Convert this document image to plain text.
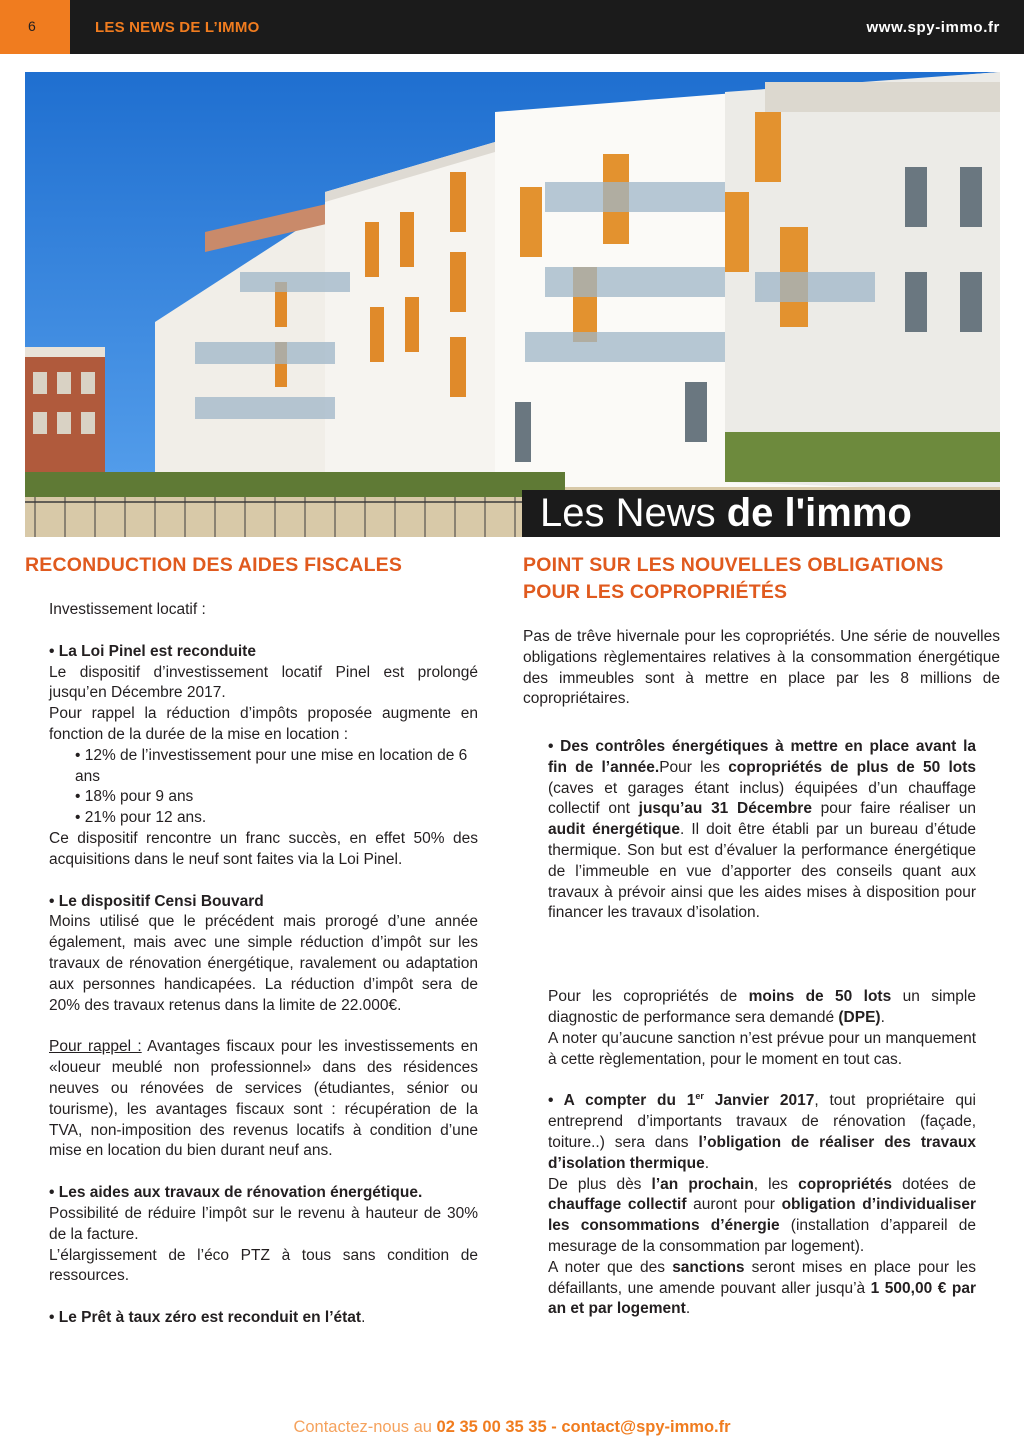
6	LES NEWS DE L’IMMO	www.spy-immo.fr
Les News de l'immo
RECONDUCTION DES AIDES FISCALES

Investissement locatif :

• La Loi Pinel est reconduite

Le dispositif d’investissement locatif Pinel est prolongé jusqu’en Décembre 2017.

Pour rappel la réduction d’impôts proposée augmente en fonction de la durée de la mise en location :

• 12% de l’investissement pour une mise en location de 6 ans

• 18% pour 9 ans

• 21% pour 12 ans.

Ce dispositif rencontre un franc succès, en effet 50% des acquisitions dans le neuf sont faites via la Loi Pinel.

• Le dispositif Censi Bouvard

Moins utilisé que le précédent mais prorogé d’une année également, mais avec une simple réduction d’impôt sur les travaux de rénovation énergétique, ravalement ou adaptation aux personnes handicapées. La réduction d’impôt sera de 20% des travaux retenus dans la limite de 22.000€.

Pour rappel : Avantages fiscaux pour les investissements en «loueur meublé non professionnel» dans des résidences neuves ou rénovées de services (étudiantes, sénior ou tourisme), les avantages fiscaux sont : récupération de la TVA, non-imposition des revenus locatifs à condition d’une mise en location du bien durant neuf ans.

• Les aides aux travaux de rénovation énergétique.

Possibilité de réduire l’impôt sur le revenu à hauteur de 30% de la facture.

L’élargissement de l’éco PTZ à tous sans condition de ressources.

• Le Prêt à taux zéro est reconduit en l’état.

POINT SUR LES NOUVELLES OBLIGATIONS
POUR LES COPROPRIÉTÉS
Pas de trêve hivernale pour les copropriétés. Une série de nouvelles obligations règlementaires relatives à la consommation énergétique des immeubles sont à mettre en place par les 8 millions de copropriétaires.

• Des contrôles énergétiques à mettre en place avant la fin de l’année.Pour les copropriétés de plus de 50 lots (caves et garages étant inclus) équipées d’un chauffage collectif ont jusqu’au 31 Décembre pour faire réaliser un audit énergétique. Il doit être établi par un bureau d’étude thermique. Son but est d’évaluer la performance énergétique de l’immeuble en vue d’apporter des conseils quant aux travaux à prévoir ainsi que les aides mises à disposition pour financer les travaux d’isolation.

Pour les copropriétés de moins de 50 lots un simple diagnostic de performance sera demandé (DPE).

A noter qu’aucune sanction n’est prévue pour un manquement à cette règlementation, pour le moment en tout cas.

• A compter du 1er Janvier 2017, tout propriétaire qui entreprend d’importants travaux de rénovation (façade, toiture..) sera dans l’obligation de réaliser des travaux d’isolation thermique.

De plus dès l’an prochain, les copropriétés dotées de chauffage collectif auront pour obligation d’individualiser les consommations d’énergie (installation d’appareil de mesurage de la consommation par logement).

A noter que des sanctions seront mises en place pour les défaillants, une amende pouvant aller jusqu’à 1 500,00 € par an et par logement.

Contactez-nous au 02 35 00 35 35 - contact@spy-immo.fr
